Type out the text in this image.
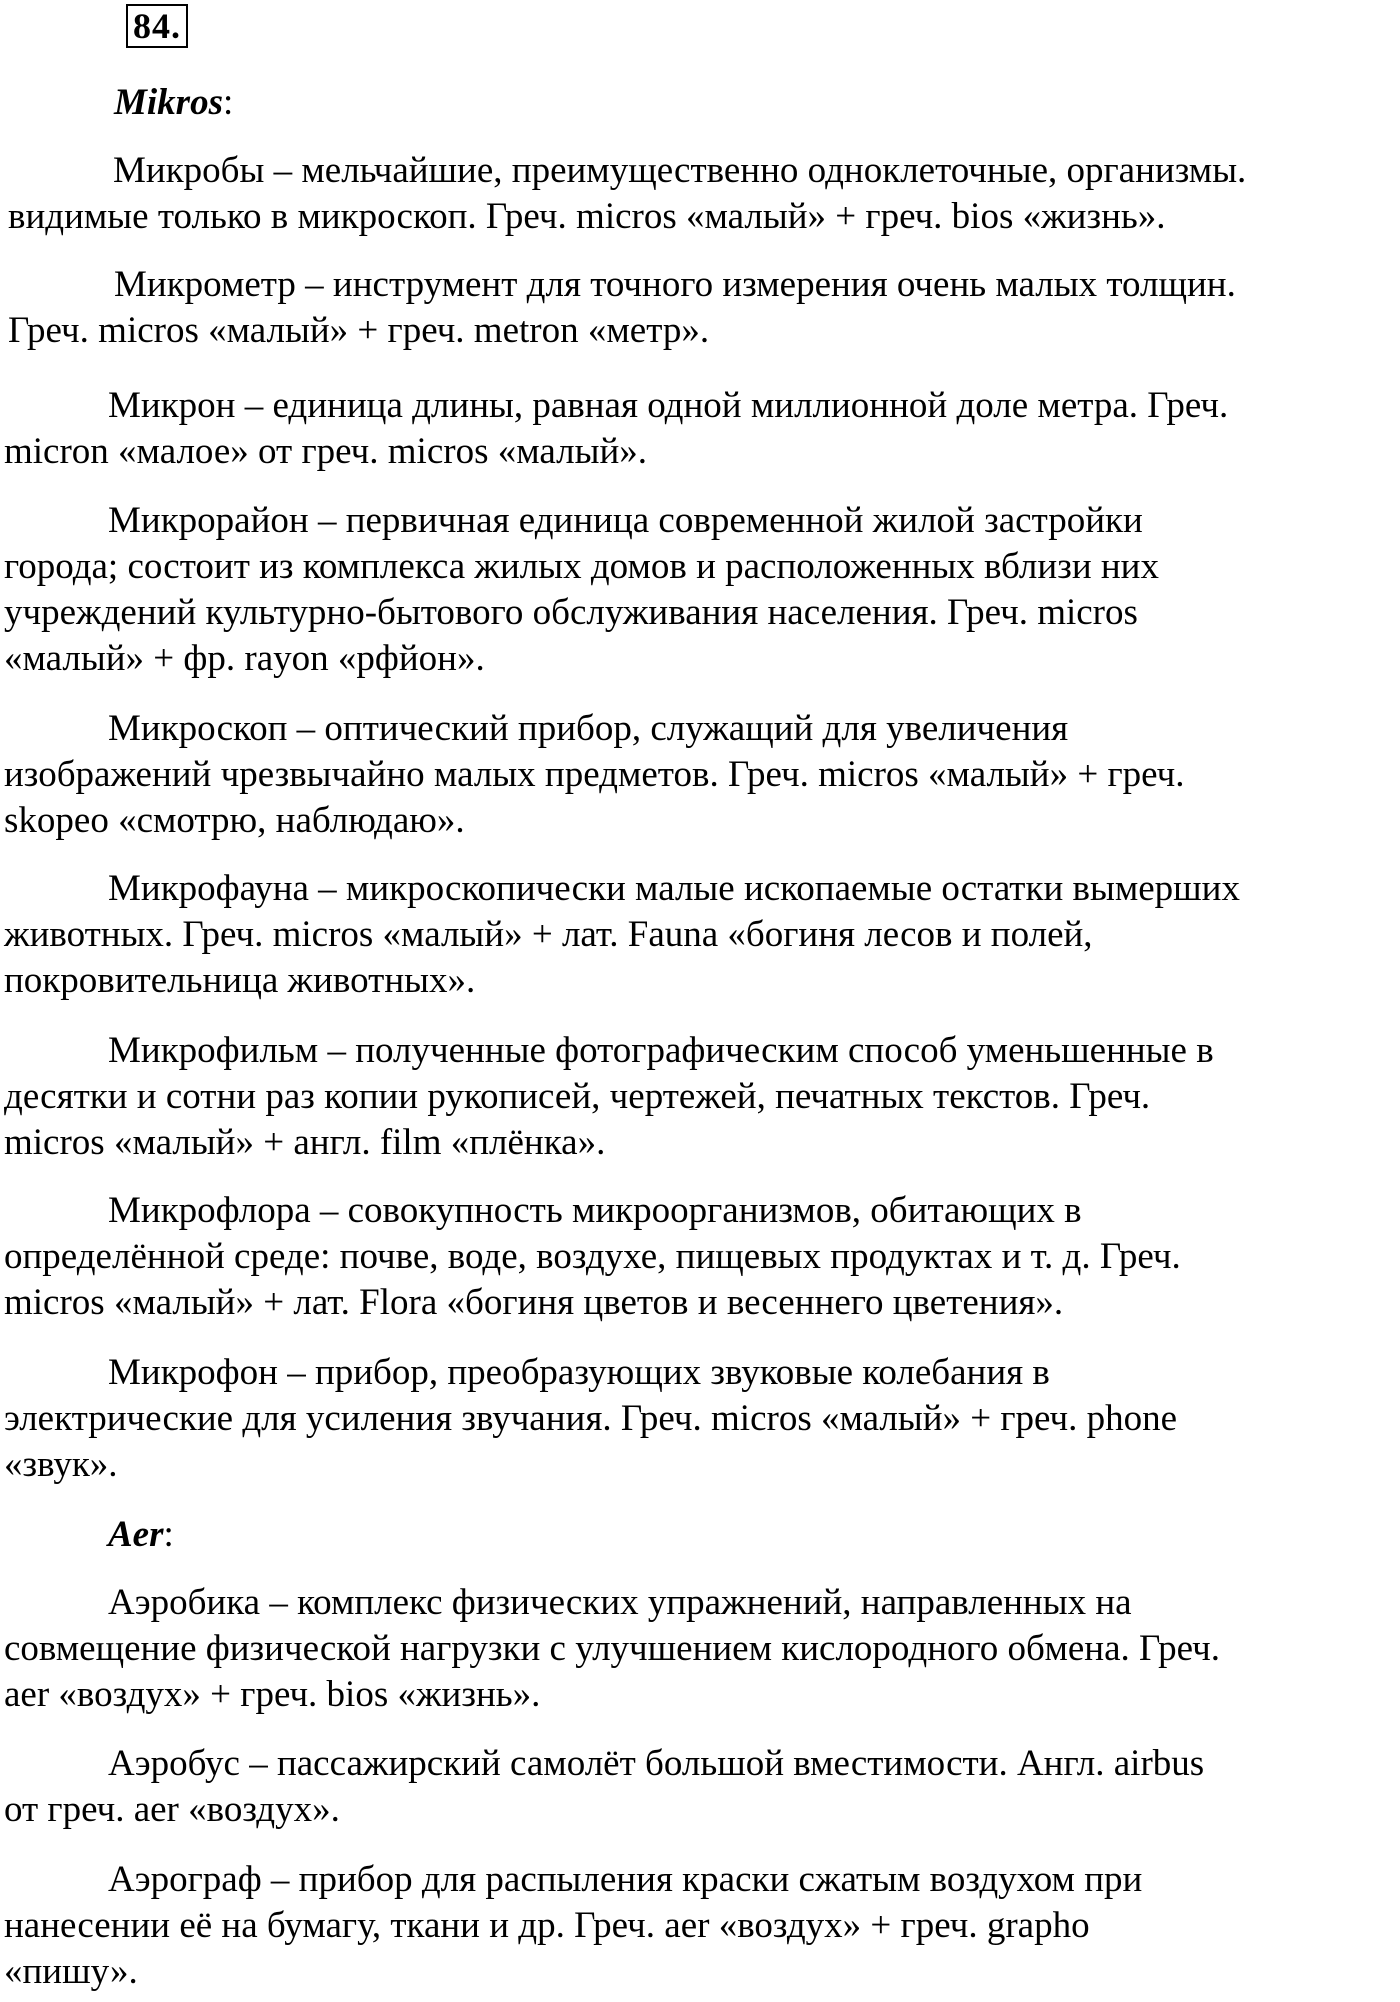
84.
Mikros:
Микробы – мельчайшие, преимущественно одноклеточные, организмы.
видимые только в микроскоп. Греч. micros «малый» + греч. bios «жизнь».
Микрометр – инструмент для точного измерения очень малых толщин.
Греч. micros «малый» + греч. metron «метр».
Микрон – единица длины, равная одной миллионной доле метра. Греч.
micron «малое» от греч. micros «малый».
Микрорайон – первичная единица современной жилой застройки
города; состоит из комплекса жилых домов и расположенных вблизи них
учреждений культурно-бытового обслуживания населения. Греч. micros
«малый» + фр. rayon «рфйон».
Микроскоп – оптический прибор, служащий для увеличения
изображений чрезвычайно малых предметов. Греч. micros «малый» + греч.
skopeo «смотрю, наблюдаю».
Микрофауна – микроскопически малые ископаемые остатки вымерших
животных. Греч. micros «малый» + лат. Fauna «богиня лесов и полей,
покровительница животных».
Микрофильм – полученные фотографическим способ уменьшенные в
десятки и сотни раз копии рукописей, чертежей, печатных текстов. Греч.
micros «малый» + англ. film «плёнка».
Микрофлора – совокупность микроорганизмов, обитающих в
определённой среде: почве, воде, воздухе, пищевых продуктах и т. д. Греч.
micros «малый» + лат. Flora «богиня цветов и весеннего цветения».
Микрофон – прибор, преобразующих звуковые колебания в
электрические для усиления звучания. Греч. micros «малый» + греч. phone
«звук».
Aer:
Аэробика – комплекс физических упражнений, направленных на
совмещение физической нагрузки с улучшением кислородного обмена. Греч.
aer «воздух» + греч. bios «жизнь».
Аэробус – пассажирский самолёт большой вместимости. Англ. airbus
от греч. aer «воздух».
Аэрограф – прибор для распыления краски сжатым воздухом при
нанесении её на бумагу, ткани и др. Греч. aer «воздух» + греч. grapho
«пишу».
